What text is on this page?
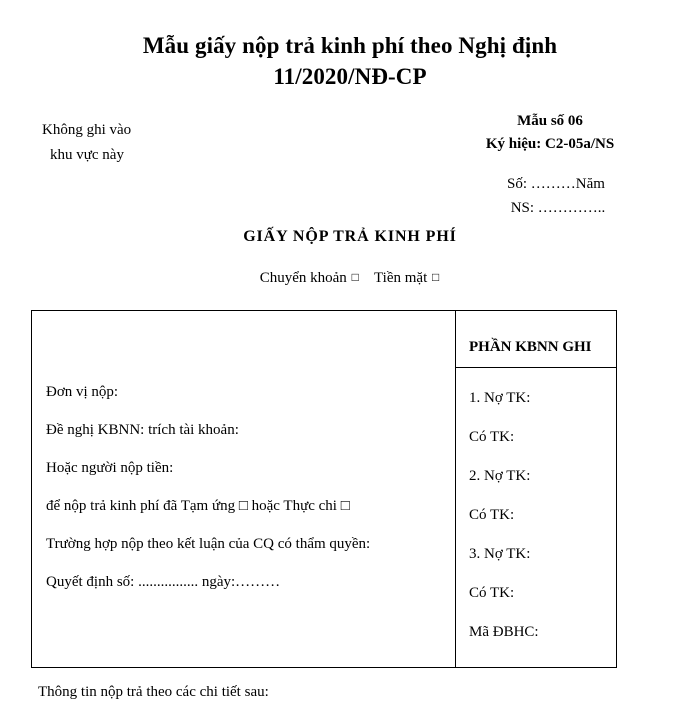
Mẫu giấy nộp trả kinh phí theo Nghị định
11/2020/NĐ-CP
Không ghi vào
khu vực này
Mẫu số 06
Ký hiệu: C2-05a/NS
Số: ………Năm
NS: …………..
GIẤY NỘP TRẢ KINH PHÍ
Chuyển khoản □ Tiền mặt □
Đơn vị nộp:
Đề nghị KBNN: trích tài khoản:
Hoặc người nộp tiền:
để nộp trả kinh phí đã Tạm ứng □ hoặc Thực chi □
Trường hợp nộp theo kết luận của CQ có thẩm quyền:
Quyết định số: ................ ngày:………
PHẦN KBNN GHI
1. Nợ TK:
Có TK:
2. Nợ TK:
Có TK:
3. Nợ TK:
Có TK:
Mã ĐBHC:
Thông tin nộp trả theo các chi tiết sau:
